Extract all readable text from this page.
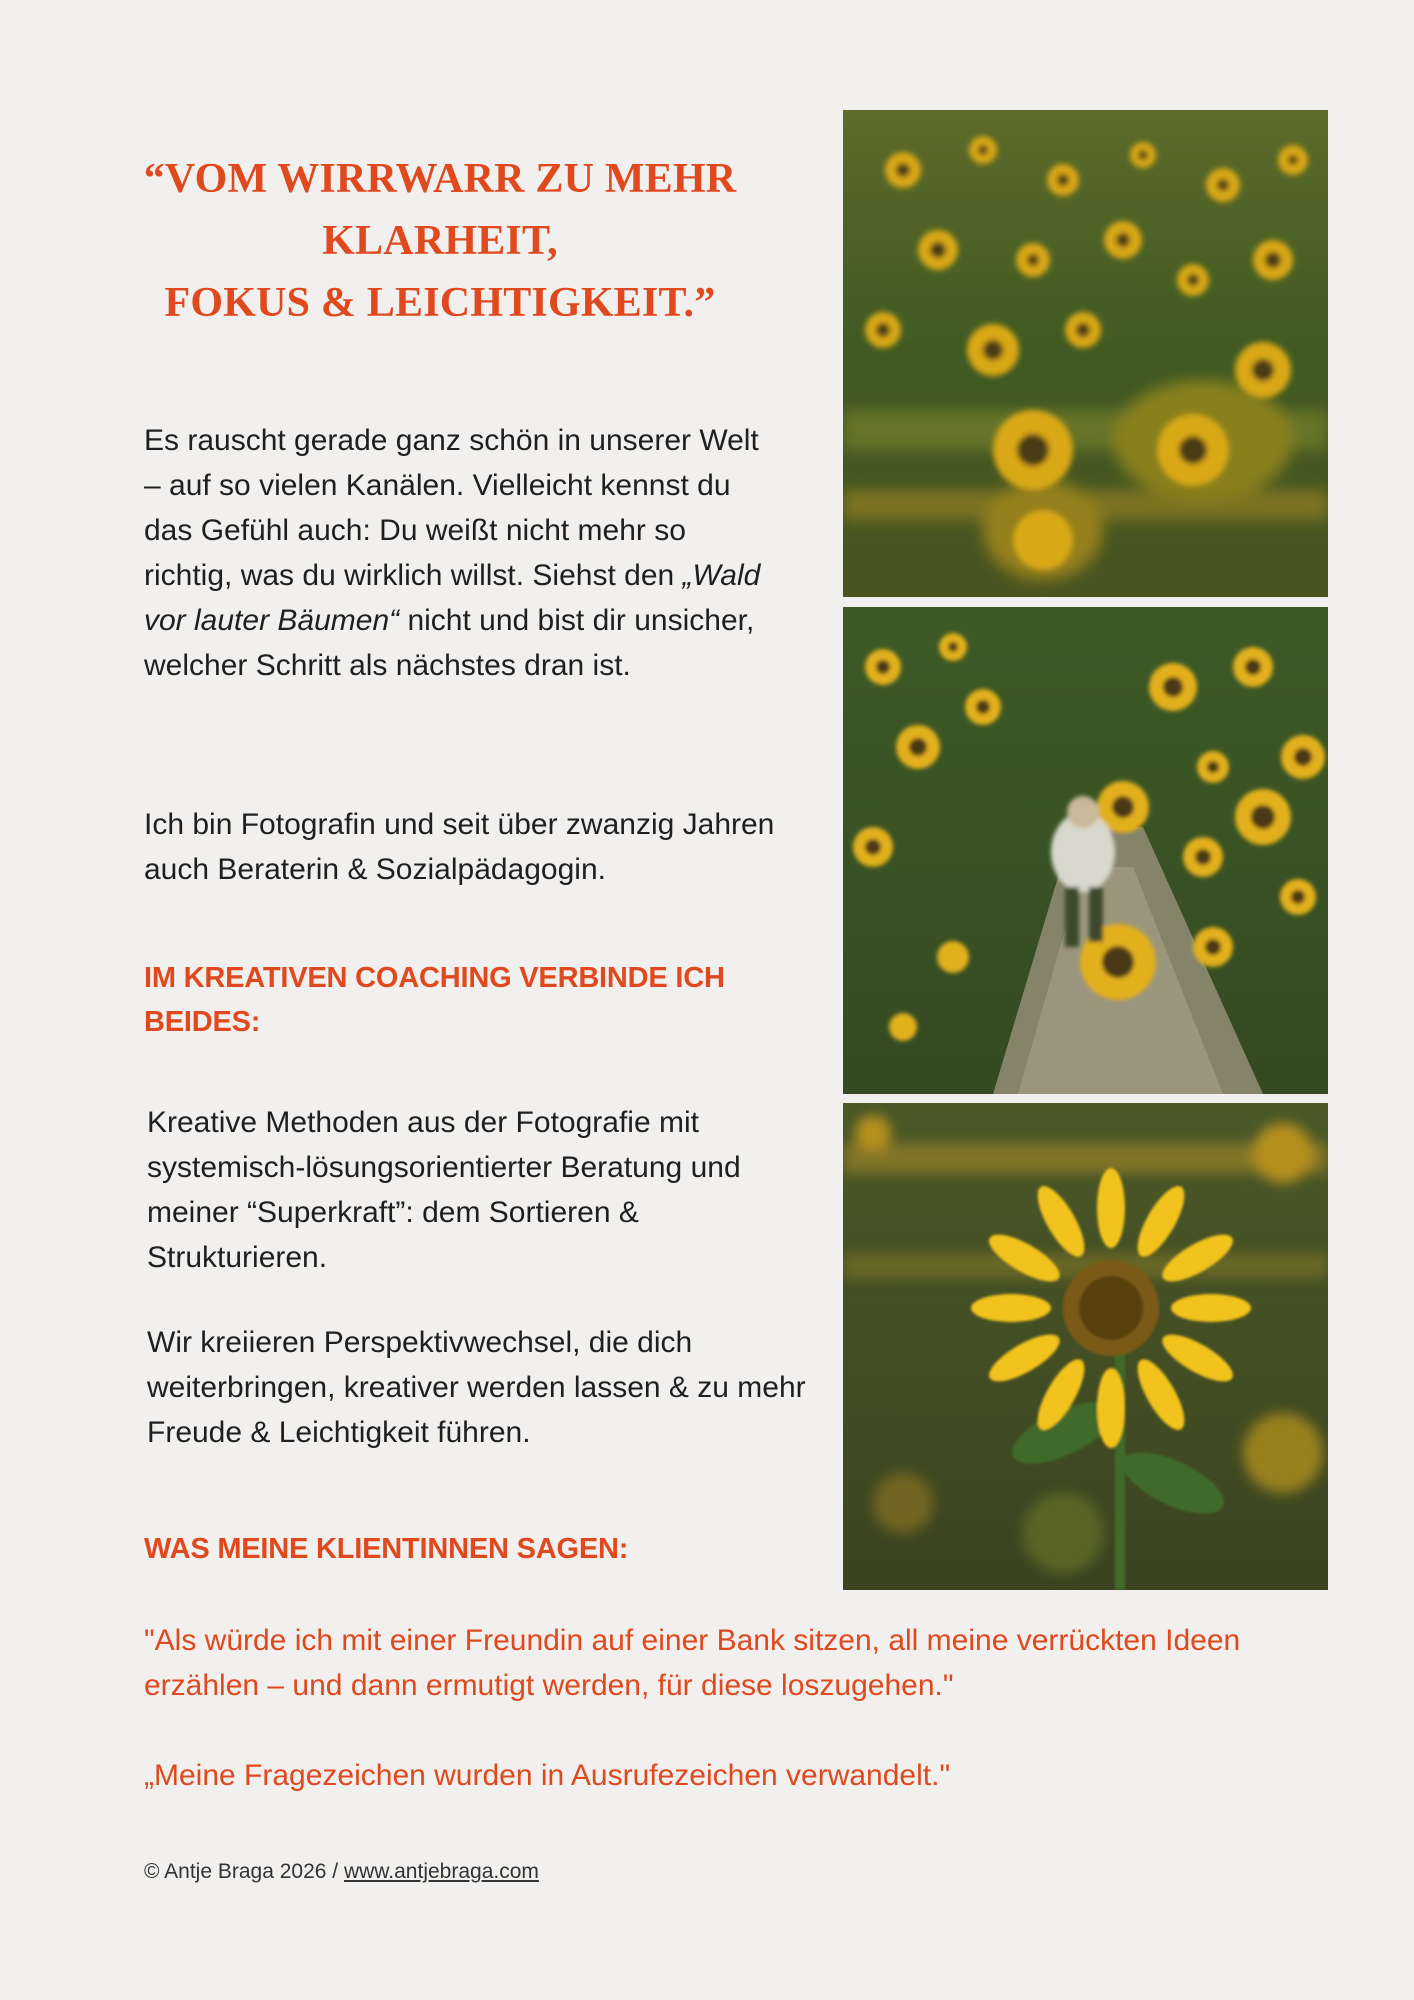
“VOM WIRRWARR ZU MEHR
KLARHEIT,
FOKUS & LEICHTIGKEIT.”

Es rauscht gerade ganz schön in unserer Welt – auf so vielen Kanälen. Vielleicht kennst du das Gefühl auch: Du weißt nicht mehr so richtig, was du wirklich willst. Siehst den „Wald vor lauter Bäumen“ nicht und bist dir unsicher, welcher Schritt als nächstes dran ist.

Ich bin Fotografin und seit über zwanzig Jahren auch Beraterin & Sozialpädagogin.

IM KREATIVEN COACHING VERBINDE ICH BEIDES:

Kreative Methoden aus der Fotografie mit systemisch-lösungsorientierter Beratung und meiner “Superkraft”: dem Sortieren & Strukturieren.

Wir kreiieren Perspektivwechsel, die dich weiterbringen, kreativer werden lassen & zu mehr Freude & Leichtigkeit führen.

WAS MEINE KLIENTINNEN SAGEN:

"Als würde ich mit einer Freundin auf einer Bank sitzen, all meine verrückten Ideen erzählen – und dann ermutigt werden, für diese loszugehen."

„Meine Fragezeichen wurden in Ausrufezeichen verwandelt."

© Antje Braga 2026 / www.antjebraga.com
